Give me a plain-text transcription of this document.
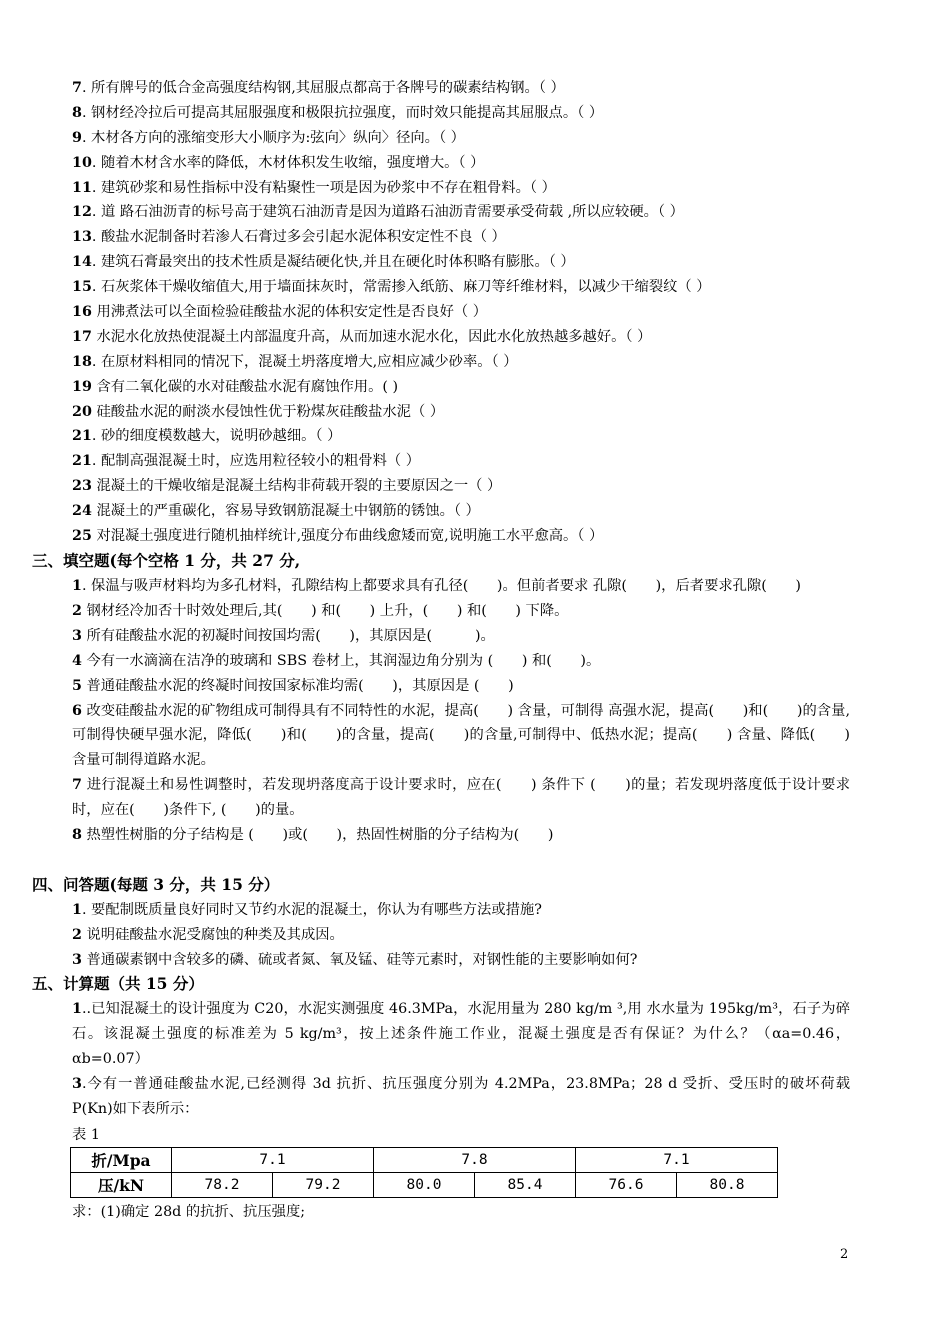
7. 所有牌号的低合金高强度结构钢,其屈服点都高于各牌号的碳素结构钢。（ ）
8. 钢材经冷拉后可提高其屈服强度和极限抗拉强度，而时效只能提高其屈服点。（ ）
9. 木材各方向的涨缩变形大小顺序为:弦向〉纵向〉径向。（ ）
10. 随着木材含水率的降低，木材体积发生收缩，强度增大。（ ）
11. 建筑砂浆和易性指标中没有粘聚性一项是因为砂浆中不存在粗骨料。（ ）
12. 道 路石油沥青的标号高于建筑石油沥青是因为道路石油沥青需要承受荷载 ,所以应较硬。（ ）
13. 酸盐水泥制备时若渗人石膏过多会引起水泥体积安定性不良（ ）
14. 建筑石膏最突出的技术性质是凝结硬化快,并且在硬化时体积略有膨胀。（ ）
15. 石灰浆体干燥收缩值大,用于墙面抹灰时，常需掺入纸筋、麻刀等纤维材料，以减少干缩裂纹（ ）
16 用沸煮法可以全面检验硅酸盐水泥的体积安定性是否良好（ ）
17 水泥水化放热使混凝土内部温度升高，从而加速水泥水化，因此水化放热越多越好。（ ）
18. 在原材料相同的情况下，混凝土坍落度增大,应相应减少砂率。（ ）
19 含有二氧化碳的水对硅酸盐水泥有腐蚀作用。( )
20 硅酸盐水泥的耐淡水侵蚀性优于粉煤灰硅酸盐水泥（ ）
21. 砂的细度模数越大，说明砂越细。（ ）
21. 配制高强混凝土时，应选用粒径较小的粗骨料（ ）
23 混凝土的干燥收缩是混凝土结构非荷载开裂的主要原因之一（ ）
24 混凝土的严重碳化，容易导致钢筋混凝土中钢筋的锈蚀。（ ）
25 对混凝土强度进行随机抽样统计,强度分布曲线愈矮而宽,说明施工水平愈高。（ ）
三、填空题(每个空格 1 分，共 27 分,

1. 保温与吸声材料均为多孔材料，孔隙结构上都要求具有孔径(　　)。但前者要求 孔隙(　　)，后者要求孔隙(　　)

2 钢材经冷加否十时效处理后,其(　　) 和(　　) 上升，(　　) 和(　　) 下降。

3 所有硅酸盐水泥的初凝时间按国均需(　　)，其原因是(　　　)。

4 今有一水滴滴在洁净的玻璃和 SBS 卷材上，其润湿边角分别为 (　　) 和(　　)。

5 普通硅酸盐水泥的终凝时间按国家标准均需(　　)，其原因是 (　　)

6 改变硅酸盐水泥的矿物组成可制得具有不同特性的水泥，提高(　　) 含量，可制得 高强水泥，提高(　　)和(　　)的含量,可制得快硬早强水泥，降低(　　)和(　　)的含量，提高(　　)的含量,可制得中、低热水泥；提高(　　) 含量、降低(　　) 含量可制得道路水泥。

7 进行混凝土和易性调整时，若发现坍落度高于设计要求时，应在(　　) 条件下 (　　)的量；若发现坍落度低于设计要求时，应在(　　)条件下, (　　)的量。

8 热塑性树脂的分子结构是 (　　)或(　　)，热固性树脂的分子结构为(　　)

四、问答题(每题 3 分，共 15 分）

1. 要配制既质量良好同时又节约水泥的混凝土，你认为有哪些方法或措施?

2 说明硅酸盐水泥受腐蚀的种类及其成因。

3 普通碳素钢中含较多的磷、硫或者氮、氧及锰、硅等元素时，对钢性能的主要影响如何?

五、计算题（共 15 分）

1..已知混凝土的设计强度为 C20，水泥实测强度 46.3MPa，水泥用量为 280 kg/m ³,用 水水量为 195kg/m³，石子为碎石。该混凝土强度的标准差为 5 kg/m³，按上述条件施工作业，混凝土强度是否有保证？为什么？（αa=0.46，αb=0.07）

3.今有一普通硅酸盐水泥,已经测得 3d 抗折、抗压强度分别为 4.2MPa，23.8MPa；28 d 受折、受压时的破坏荷载 P(Kn)如下表所示：

表 1
折/Mpa	7.1		7.8		7.1	
压/kN	78.2	79.2	80.0	85.4	76.6	80.8
求：(1)确定 28d 的抗折、抗压强度;
2
